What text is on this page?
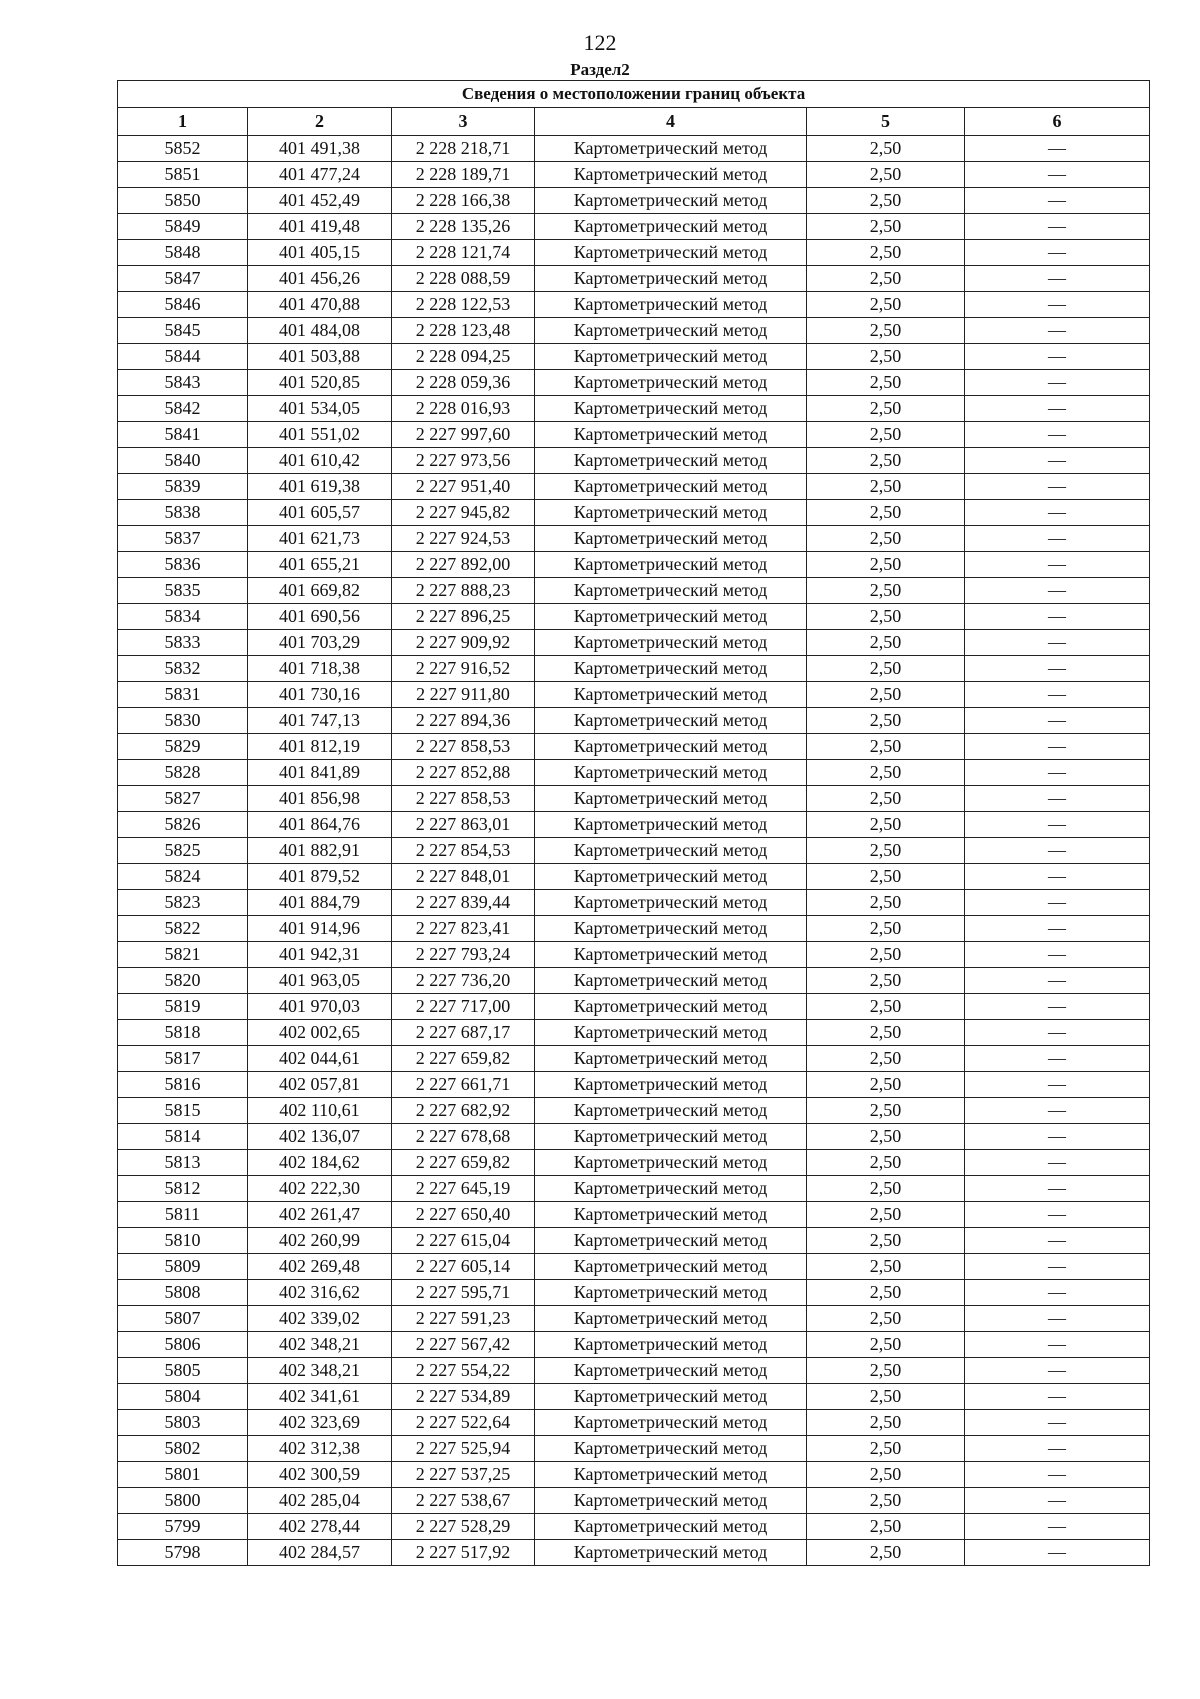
122
Раздел2
Сведения о местоположении границ объекта					
1	2	3	4	5	6
5852	401 491,38	2 228 218,71	Картометрический метод	2,50	—
5851	401 477,24	2 228 189,71	Картометрический метод	2,50	—
5850	401 452,49	2 228 166,38	Картометрический метод	2,50	—
5849	401 419,48	2 228 135,26	Картометрический метод	2,50	—
5848	401 405,15	2 228 121,74	Картометрический метод	2,50	—
5847	401 456,26	2 228 088,59	Картометрический метод	2,50	—
5846	401 470,88	2 228 122,53	Картометрический метод	2,50	—
5845	401 484,08	2 228 123,48	Картометрический метод	2,50	—
5844	401 503,88	2 228 094,25	Картометрический метод	2,50	—
5843	401 520,85	2 228 059,36	Картометрический метод	2,50	—
5842	401 534,05	2 228 016,93	Картометрический метод	2,50	—
5841	401 551,02	2 227 997,60	Картометрический метод	2,50	—
5840	401 610,42	2 227 973,56	Картометрический метод	2,50	—
5839	401 619,38	2 227 951,40	Картометрический метод	2,50	—
5838	401 605,57	2 227 945,82	Картометрический метод	2,50	—
5837	401 621,73	2 227 924,53	Картометрический метод	2,50	—
5836	401 655,21	2 227 892,00	Картометрический метод	2,50	—
5835	401 669,82	2 227 888,23	Картометрический метод	2,50	—
5834	401 690,56	2 227 896,25	Картометрический метод	2,50	—
5833	401 703,29	2 227 909,92	Картометрический метод	2,50	—
5832	401 718,38	2 227 916,52	Картометрический метод	2,50	—
5831	401 730,16	2 227 911,80	Картометрический метод	2,50	—
5830	401 747,13	2 227 894,36	Картометрический метод	2,50	—
5829	401 812,19	2 227 858,53	Картометрический метод	2,50	—
5828	401 841,89	2 227 852,88	Картометрический метод	2,50	—
5827	401 856,98	2 227 858,53	Картометрический метод	2,50	—
5826	401 864,76	2 227 863,01	Картометрический метод	2,50	—
5825	401 882,91	2 227 854,53	Картометрический метод	2,50	—
5824	401 879,52	2 227 848,01	Картометрический метод	2,50	—
5823	401 884,79	2 227 839,44	Картометрический метод	2,50	—
5822	401 914,96	2 227 823,41	Картометрический метод	2,50	—
5821	401 942,31	2 227 793,24	Картометрический метод	2,50	—
5820	401 963,05	2 227 736,20	Картометрический метод	2,50	—
5819	401 970,03	2 227 717,00	Картометрический метод	2,50	—
5818	402 002,65	2 227 687,17	Картометрический метод	2,50	—
5817	402 044,61	2 227 659,82	Картометрический метод	2,50	—
5816	402 057,81	2 227 661,71	Картометрический метод	2,50	—
5815	402 110,61	2 227 682,92	Картометрический метод	2,50	—
5814	402 136,07	2 227 678,68	Картометрический метод	2,50	—
5813	402 184,62	2 227 659,82	Картометрический метод	2,50	—
5812	402 222,30	2 227 645,19	Картометрический метод	2,50	—
5811	402 261,47	2 227 650,40	Картометрический метод	2,50	—
5810	402 260,99	2 227 615,04	Картометрический метод	2,50	—
5809	402 269,48	2 227 605,14	Картометрический метод	2,50	—
5808	402 316,62	2 227 595,71	Картометрический метод	2,50	—
5807	402 339,02	2 227 591,23	Картометрический метод	2,50	—
5806	402 348,21	2 227 567,42	Картометрический метод	2,50	—
5805	402 348,21	2 227 554,22	Картометрический метод	2,50	—
5804	402 341,61	2 227 534,89	Картометрический метод	2,50	—
5803	402 323,69	2 227 522,64	Картометрический метод	2,50	—
5802	402 312,38	2 227 525,94	Картометрический метод	2,50	—
5801	402 300,59	2 227 537,25	Картометрический метод	2,50	—
5800	402 285,04	2 227 538,67	Картометрический метод	2,50	—
5799	402 278,44	2 227 528,29	Картометрический метод	2,50	—
5798	402 284,57	2 227 517,92	Картометрический метод	2,50	—
